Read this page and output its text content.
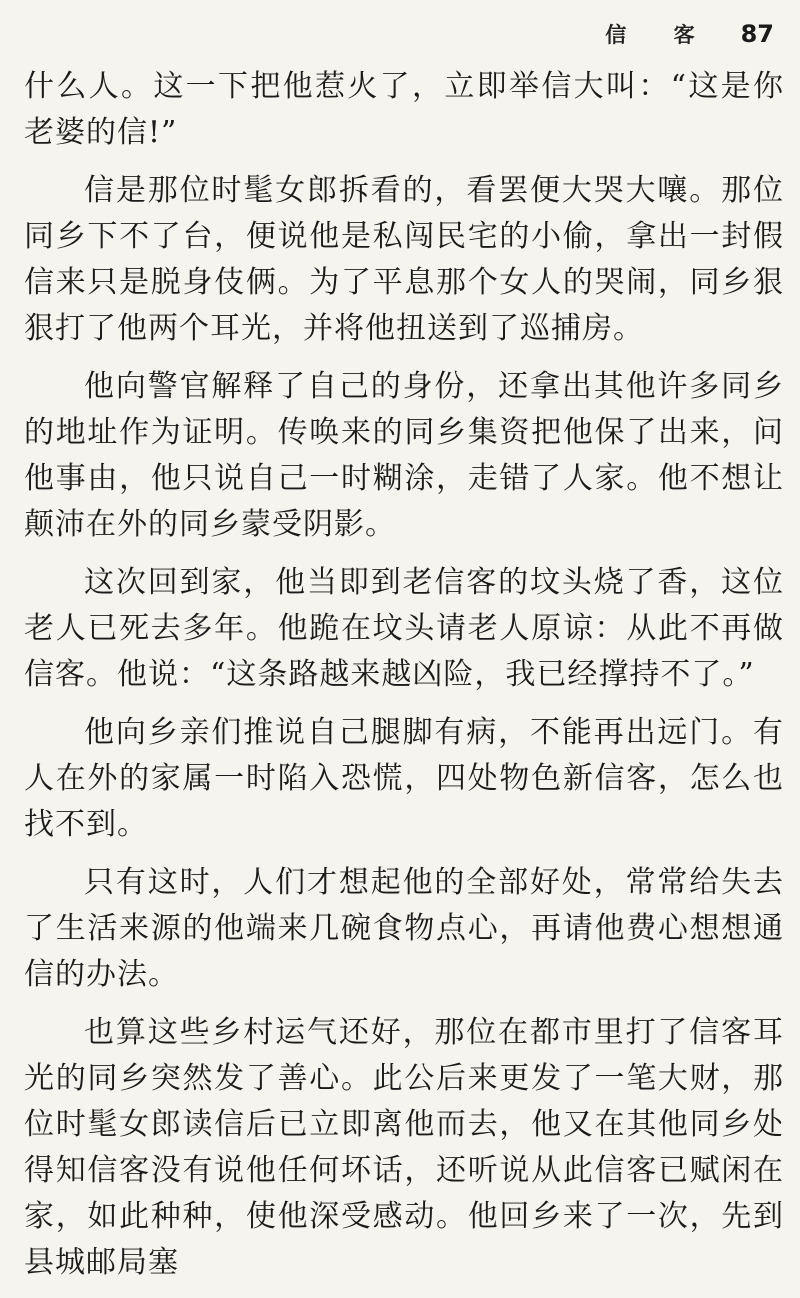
信 客 87

什么人。这一下把他惹火了，立即举信大叫：“这是你老婆的信!”

信是那位时髦女郎拆看的，看罢便大哭大嚷。那位同乡下不了台，便说他是私闯民宅的小偷，拿出一封假信来只是脱身伎俩。为了平息那个女人的哭闹，同乡狠狠打了他两个耳光，并将他扭送到了巡捕房。

他向警官解释了自己的身份，还拿出其他许多同乡的地址作为证明。传唤来的同乡集资把他保了出来，问他事由，他只说自己一时糊涂，走错了人家。他不想让颠沛在外的同乡蒙受阴影。

这次回到家，他当即到老信客的坟头烧了香，这位老人已死去多年。他跪在坟头请老人原谅：从此不再做信客。他说：“这条路越来越凶险，我已经撑持不了。”

他向乡亲们推说自己腿脚有病，不能再出远门。有人在外的家属一时陷入恐慌，四处物色新信客，怎么也找不到。

只有这时，人们才想起他的全部好处，常常给失去了生活来源的他端来几碗食物点心，再请他费心想想通信的办法。

也算这些乡村运气还好，那位在都市里打了信客耳光的同乡突然发了善心。此公后来更发了一笔大财，那位时髦女郎读信后已立即离他而去，他又在其他同乡处得知信客没有说他任何坏话，还听说从此信客已赋闲在家，如此种种，使他深受感动。他回乡来了一次，先到县城邮局塞
